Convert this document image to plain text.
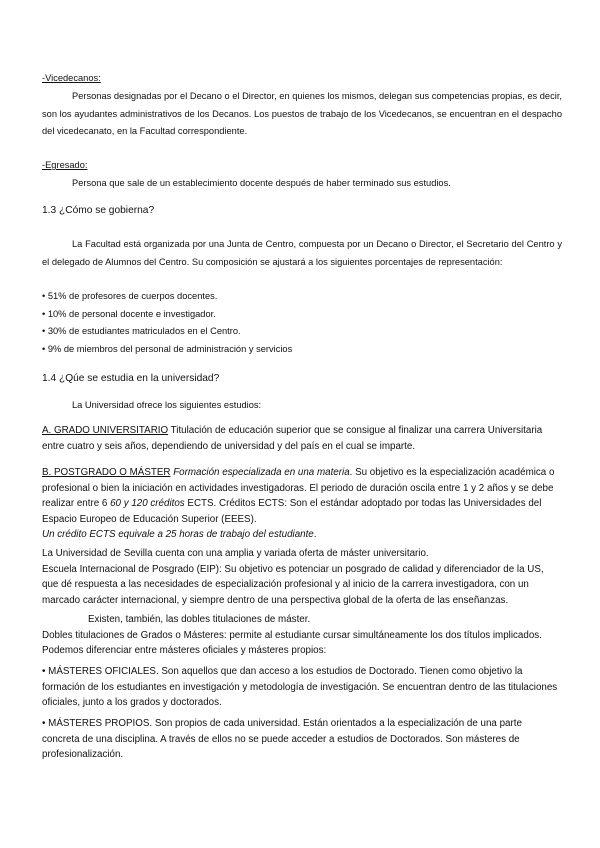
-Vicedecanos:

Personas designadas por el Decano o el Director, en quienes los mismos, delegan sus competencias propias, es decir, son los ayudantes administrativos de los Decanos. Los puestos de trabajo de los Vicedecanos, se encuentran en el despacho del vicedecanato, en la Facultad correspondiente.

-Egresado:

Persona que sale de un establecimiento docente después de haber terminado sus estudios.

1.3 ¿Cómo se gobierna?

La Facultad está organizada por una Junta de Centro, compuesta por un Decano o Director, el Secretario del Centro y el delegado de Alumnos del Centro. Su composición se ajustará a los siguientes porcentajes de representación:

• 51% de profesores de cuerpos docentes.

• 10% de personal docente e investigador.

• 30% de estudiantes matriculados en el Centro.

• 9% de miembros del personal de administración y servicios

1.4 ¿Qúe se estudia en la universidad?

La Universidad ofrece los siguientes estudios:

A. GRADO UNIVERSITARIO Titulación de educación superior que se consigue al finalizar una carrera Universitaria entre cuatro y seis años, dependiendo de universidad y del país en el cual se imparte.

B. POSTGRADO O MÁSTER Formación especializada en una materia. Su objetivo es la especialización académica o profesional o bien la iniciación en actividades investigadoras. El periodo de duración oscila entre 1 y 2 años y se debe realizar entre 6 60 y 120 créditos ECTS. Créditos ECTS: Son el estándar adoptado por todas las Universidades del Espacio Europeo de Educación Superior (EEES).
Un crédito ECTS equivale a 25 horas de trabajo del estudiante.

La Universidad de Sevilla cuenta con una amplia y variada oferta de máster universitario.

Escuela Internacional de Posgrado (EIP): Su objetivo es potenciar un posgrado de calidad y diferenciador de la US, que dé respuesta a las necesidades de especialización profesional y al inicio de la carrera investigadora, con un marcado carácter internacional, y siempre dentro de una perspectiva global de la oferta de las enseñanzas.

Existen, también, las dobles titulaciones de máster.

Dobles titulaciones de Grados o Másteres: permite al estudiante cursar simultáneamente los dos títulos implicados.

Podemos diferenciar entre másteres oficiales y másteres propios:

• MÁSTERES OFICIALES. Son aquellos que dan acceso a los estudios de Doctorado. Tienen como objetivo la formación de los estudiantes en investigación y metodología de investigación. Se encuentran dentro de las titulaciones oficiales, junto a los grados y doctorados.

• MÁSTERES PROPIOS. Son propios de cada universidad. Están orientados a la especialización de una parte concreta de una disciplina. A través de ellos no se puede acceder a estudios de Doctorados. Son másteres de profesionalización.
